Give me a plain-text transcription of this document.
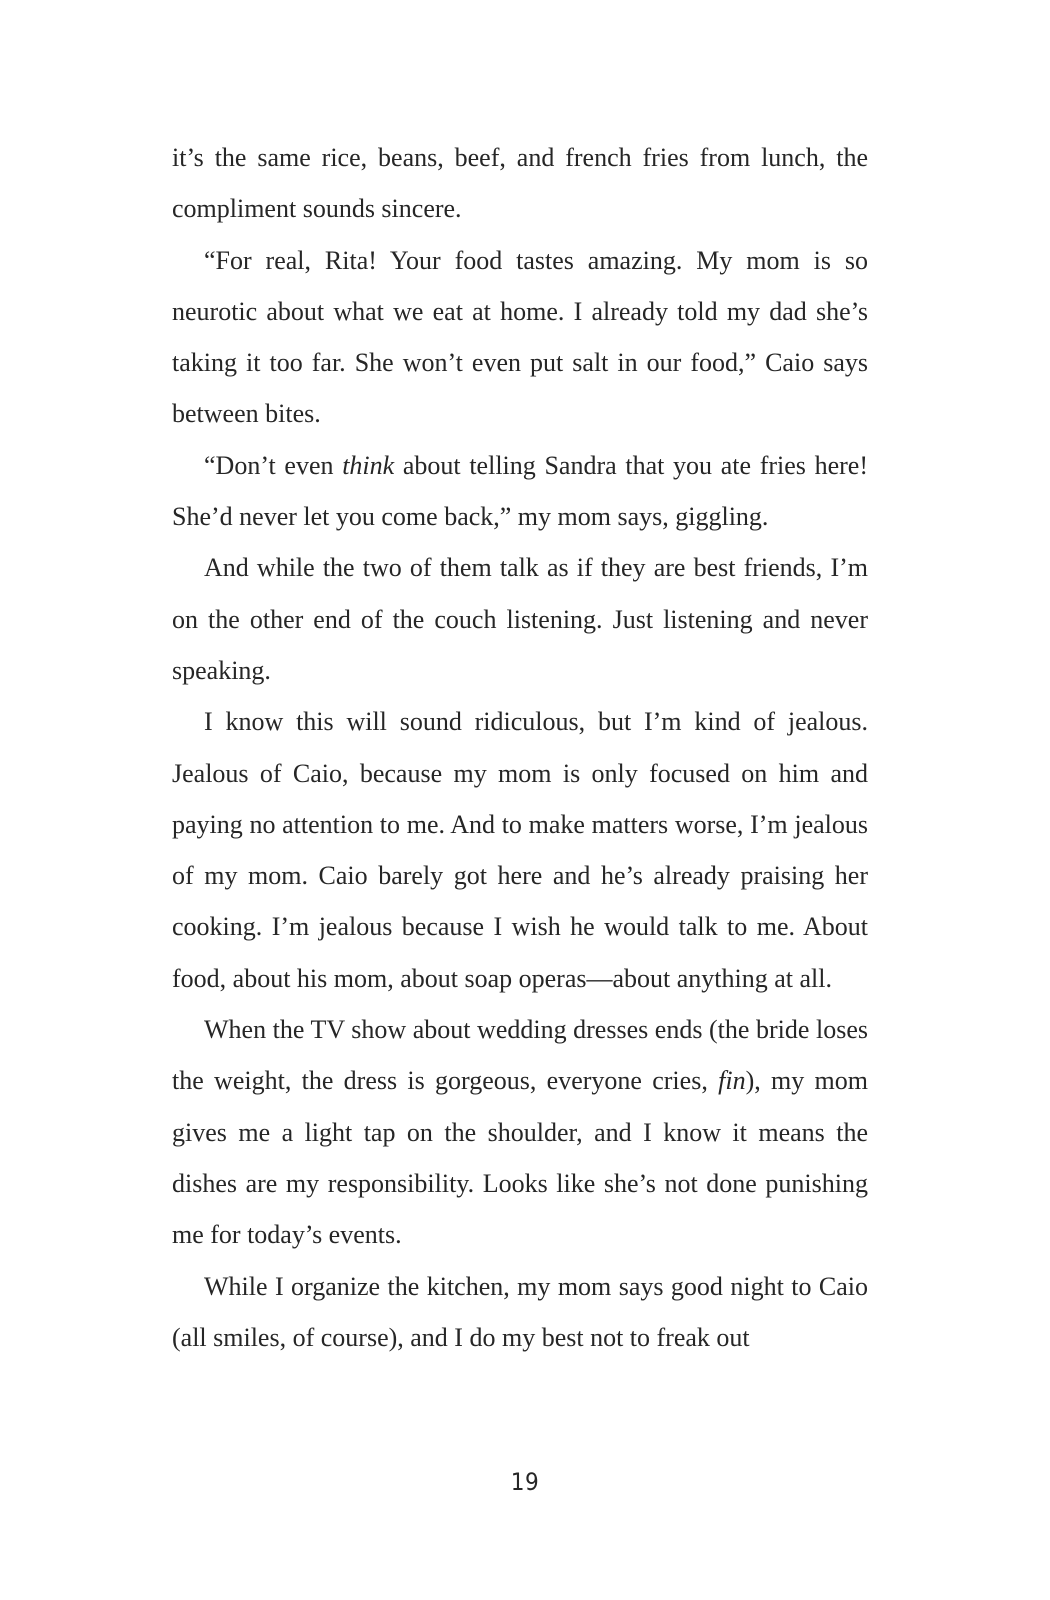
it’s the same rice, beans, beef, and french fries from lunch, the compliment sounds sincere.

“For real, Rita! Your food tastes amazing. My mom is so neurotic about what we eat at home. I already told my dad she’s taking it too far. She won’t even put salt in our food,” Caio says between bites.

“Don’t even think about telling Sandra that you ate fries here! She’d never let you come back,” my mom says, giggling.

And while the two of them talk as if they are best friends, I’m on the other end of the couch listening. Just listening and never speaking.

I know this will sound ridiculous, but I’m kind of jealous. Jealous of Caio, because my mom is only focused on him and paying no attention to me. And to make matters worse, I’m jealous of my mom. Caio barely got here and he’s already praising her cooking. I’m jealous because I wish he would talk to me. About food, about his mom, about soap operas—about anything at all.

When the TV show about wedding dresses ends (the bride loses the weight, the dress is gorgeous, everyone cries, fin), my mom gives me a light tap on the shoulder, and I know it means the dishes are my responsibility. Looks like she’s not done punishing me for today’s events.

While I organize the kitchen, my mom says good night to Caio (all smiles, of course), and I do my best not to freak out

19
